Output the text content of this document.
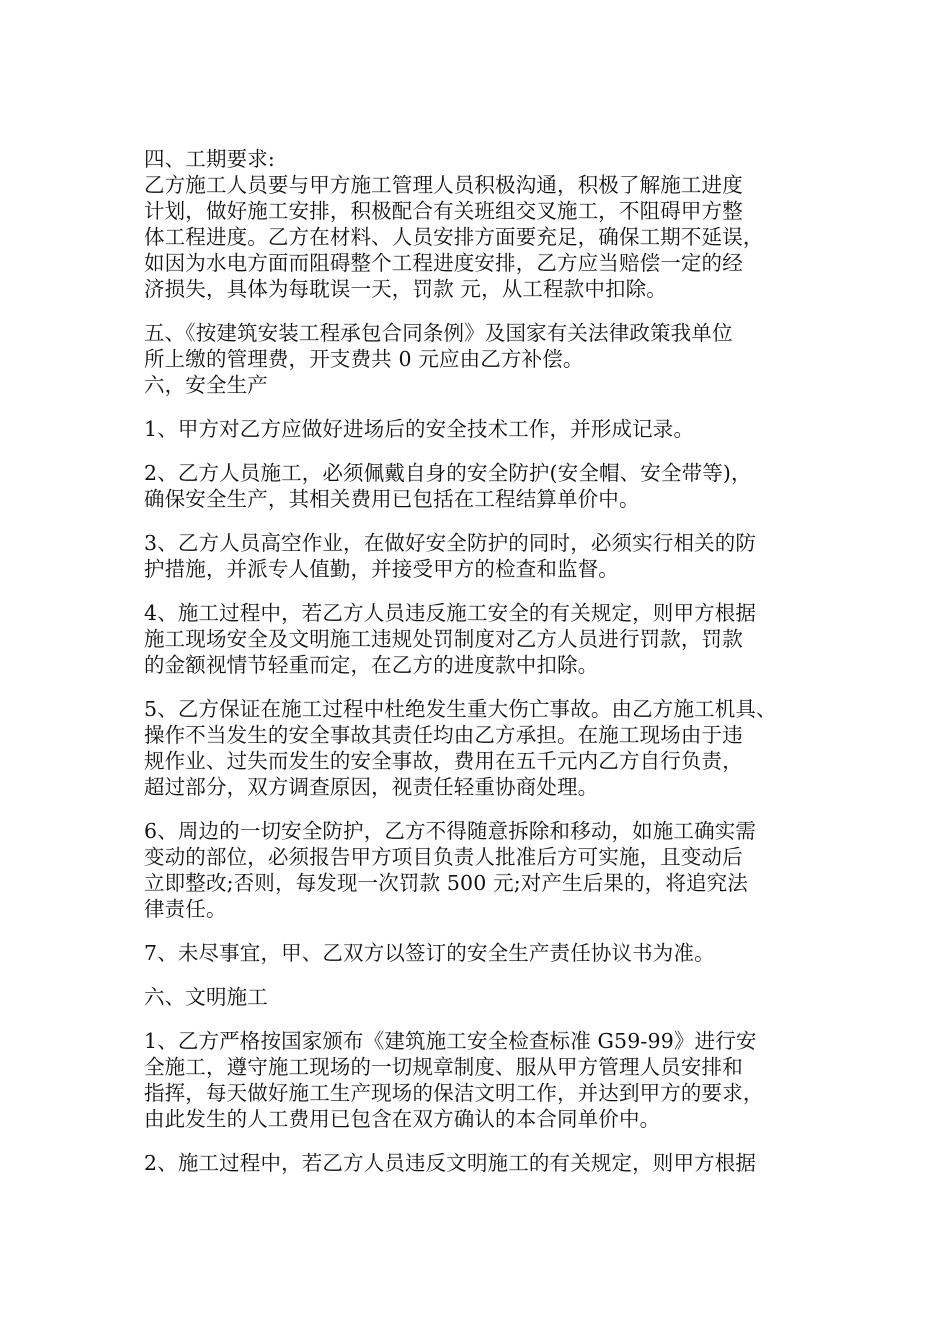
四、工期要求:
乙方施工人员要与甲方施工管理人员积极沟通，积极了解施工进度
计划，做好施工安排，积极配合有关班组交叉施工，不阻碍甲方整
体工程进度。乙方在材料、人员安排方面要充足，确保工期不延误，
如因为水电方面而阻碍整个工程进度安排，乙方应当赔偿一定的经
济损失，具体为每耽误一天，罚款 元，从工程款中扣除。
五、《按建筑安装工程承包合同条例》及国家有关法律政策我单位
所上缴的管理费，开支费共 0 元应由乙方补偿。
六，安全生产
1、甲方对乙方应做好进场后的安全技术工作，并形成记录。
2、乙方人员施工，必须佩戴自身的安全防护(安全帽、安全带等)，
确保安全生产，其相关费用已包括在工程结算单价中。
3、乙方人员高空作业，在做好安全防护的同时，必须实行相关的防
护措施，并派专人值勤，并接受甲方的检查和监督。
4、施工过程中，若乙方人员违反施工安全的有关规定，则甲方根据
施工现场安全及文明施工违规处罚制度对乙方人员进行罚款，罚款
的金额视情节轻重而定，在乙方的进度款中扣除。
5、乙方保证在施工过程中杜绝发生重大伤亡事故。由乙方施工机具、
操作不当发生的安全事故其责任均由乙方承担。在施工现场由于违
规作业、过失而发生的安全事故，费用在五千元内乙方自行负责，
超过部分，双方调查原因，视责任轻重协商处理。
6、周边的一切安全防护，乙方不得随意拆除和移动，如施工确实需
变动的部位，必须报告甲方项目负责人批准后方可实施，且变动后
立即整改;否则，每发现一次罚款 500 元;对产生后果的，将追究法
律责任。
7、未尽事宜，甲、乙双方以签订的安全生产责任协议书为准。
六、文明施工
1、乙方严格按国家颁布《建筑施工安全检查标准 G59-99》进行安
全施工，遵守施工现场的一切规章制度、服从甲方管理人员安排和
指挥，每天做好施工生产现场的保洁文明工作，并达到甲方的要求，
由此发生的人工费用已包含在双方确认的本合同单价中。
2、施工过程中，若乙方人员违反文明施工的有关规定，则甲方根据
